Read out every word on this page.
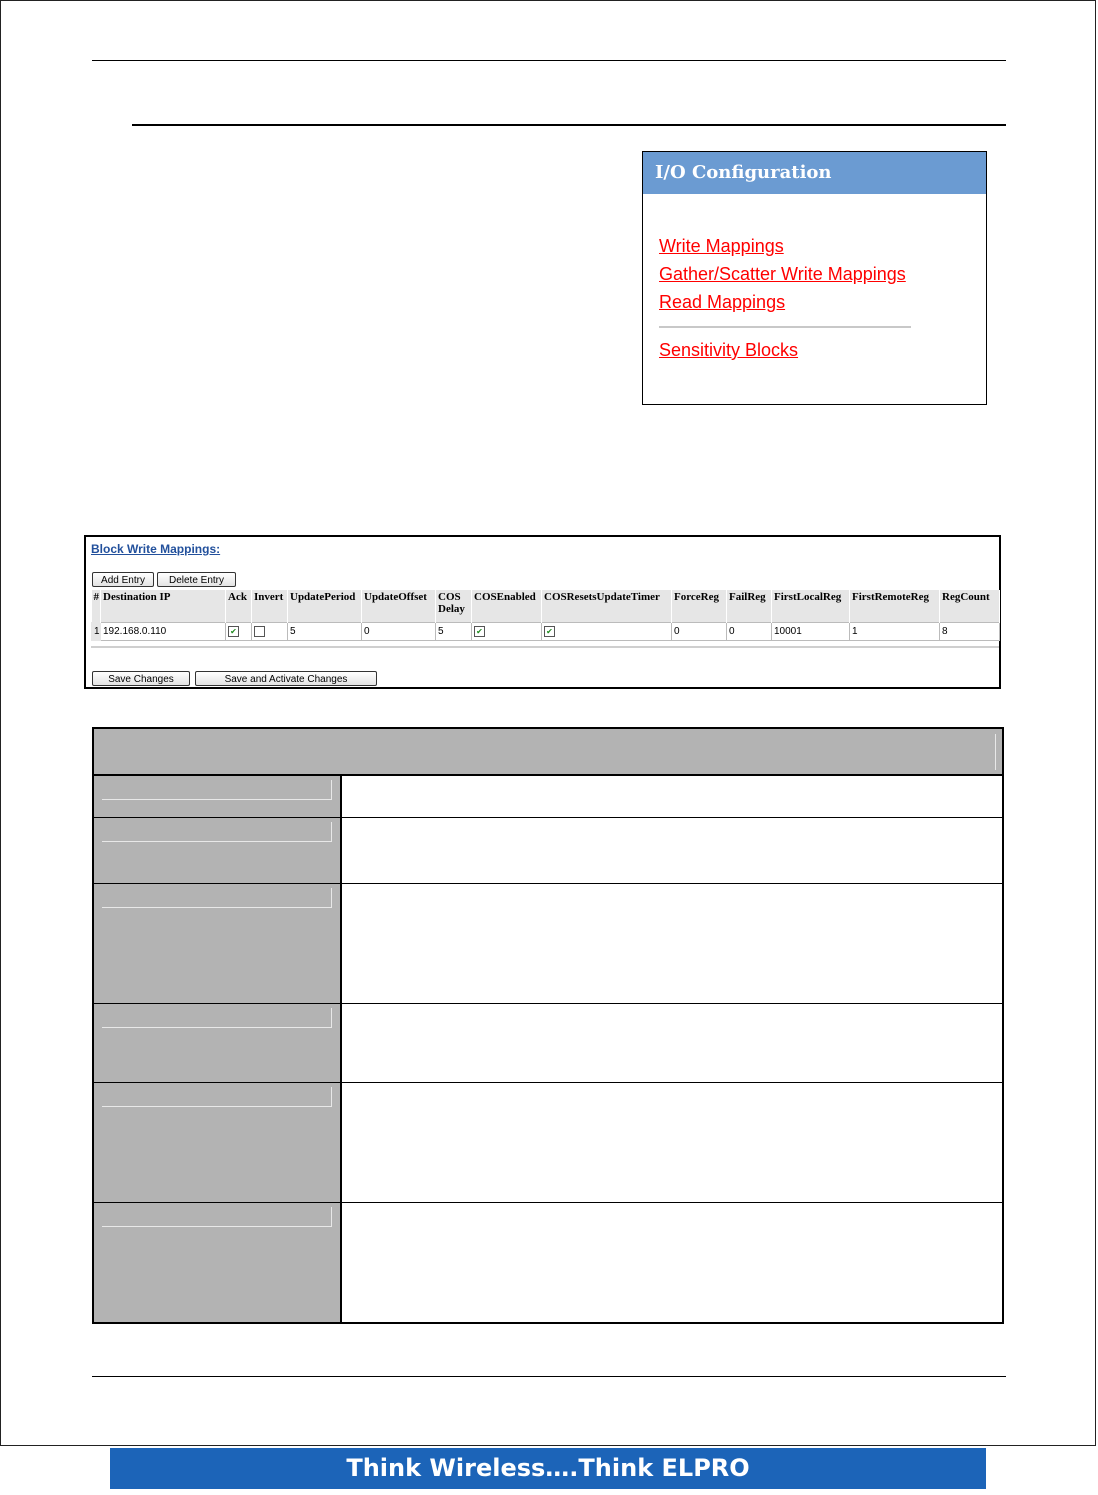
I/O Configuration
Write Mappings
Gather/Scatter Write Mappings
Read Mappings
Sensitivity Blocks
Block Write Mappings:
Add Entry	Delete Entry
#	Destination IP	Ack	Invert	UpdatePeriod	UpdateOffset	COS Delay	COSEnabled	COSResetsUpdateTimer	ForceReg	FailReg	FirstLocalReg	FirstRemoteReg	RegCount
1	192.168.0.110	✔		5	0	5	✔	✔	0	0	10001	1	8
Save Changes	Save and Activate Changes
Think Wireless….Think ELPRO
